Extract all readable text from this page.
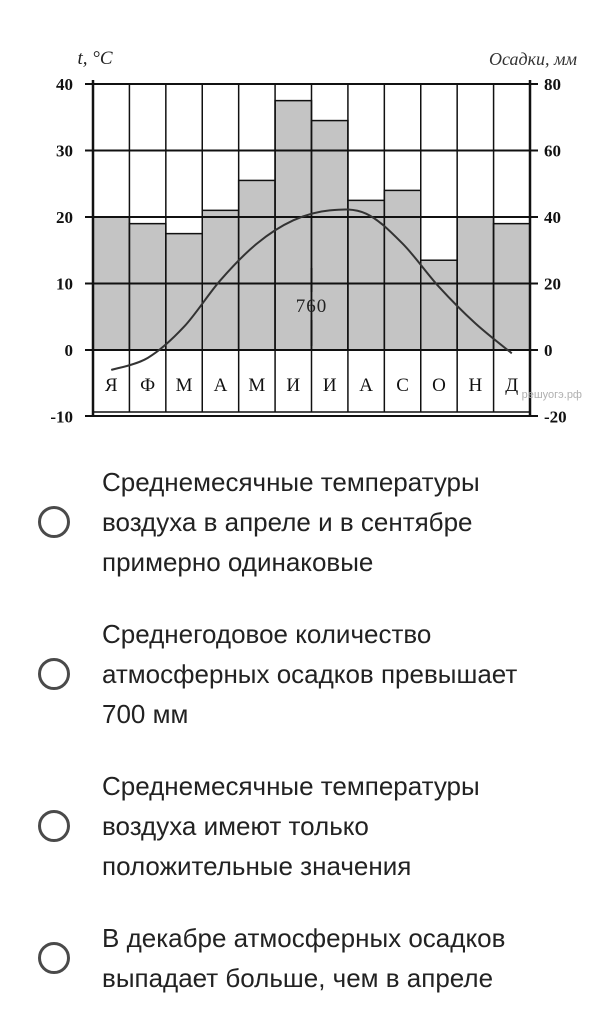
40
30
20
10
0
-10
80
60
40
20
0
-20
Я Ф М А М И И А С О Н Д
760
t, °C	Осадки, мм
решуогэ.рф
Среднемесячные температуры воздуха в апреле и в сентябре примерно одинаковые
Среднегодовое количество атмосферных осадков превышает 700 мм
Среднемесячные температуры воздуха имеют только положительные значения
В декабре атмосферных осадков выпадает больше, чем в апреле
